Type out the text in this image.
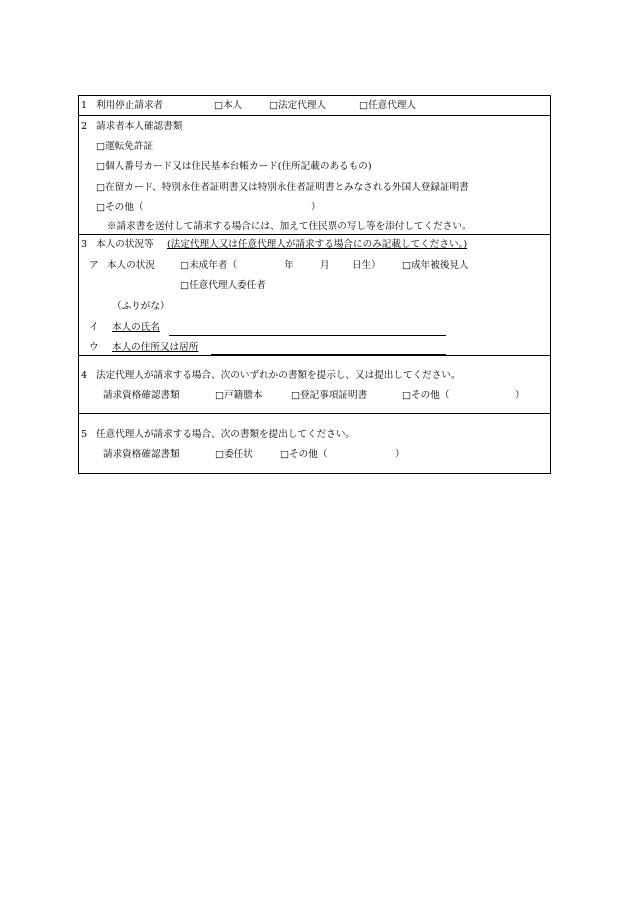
1 利用停止請求者	□本人	□法定代理人	□任意代理人
2 請求者本人確認書類
□運転免許証
□個人番号カード又は住民基本台帳カード(住所記載のあるもの)
□在留カード、特別永住者証明書又は特別永住者証明書とみなされる外国人登録証明書
□その他（	）
※請求書を送付して請求する場合には、加えて住民票の写し等を添付してください。
3 本人の状況等 (法定代理人又は任意代理人が請求する場合にのみ記載してください。)
ア 本人の状況	□未成年者（	年	月 日生） □成年被後見人
□任意代理人委任者
（ふりがな）
イ 本人の氏名
ウ 本人の住所又は居所
4 法定代理人が請求する場合、次のいずれかの書類を提示し、又は提出してください。
請求資格確認書類	□戸籍謄本	□登記事項証明書	□その他（	）
5 任意代理人が請求する場合、次の書類を提出してください。
請求資格確認書類	□委任状	□その他（	）
